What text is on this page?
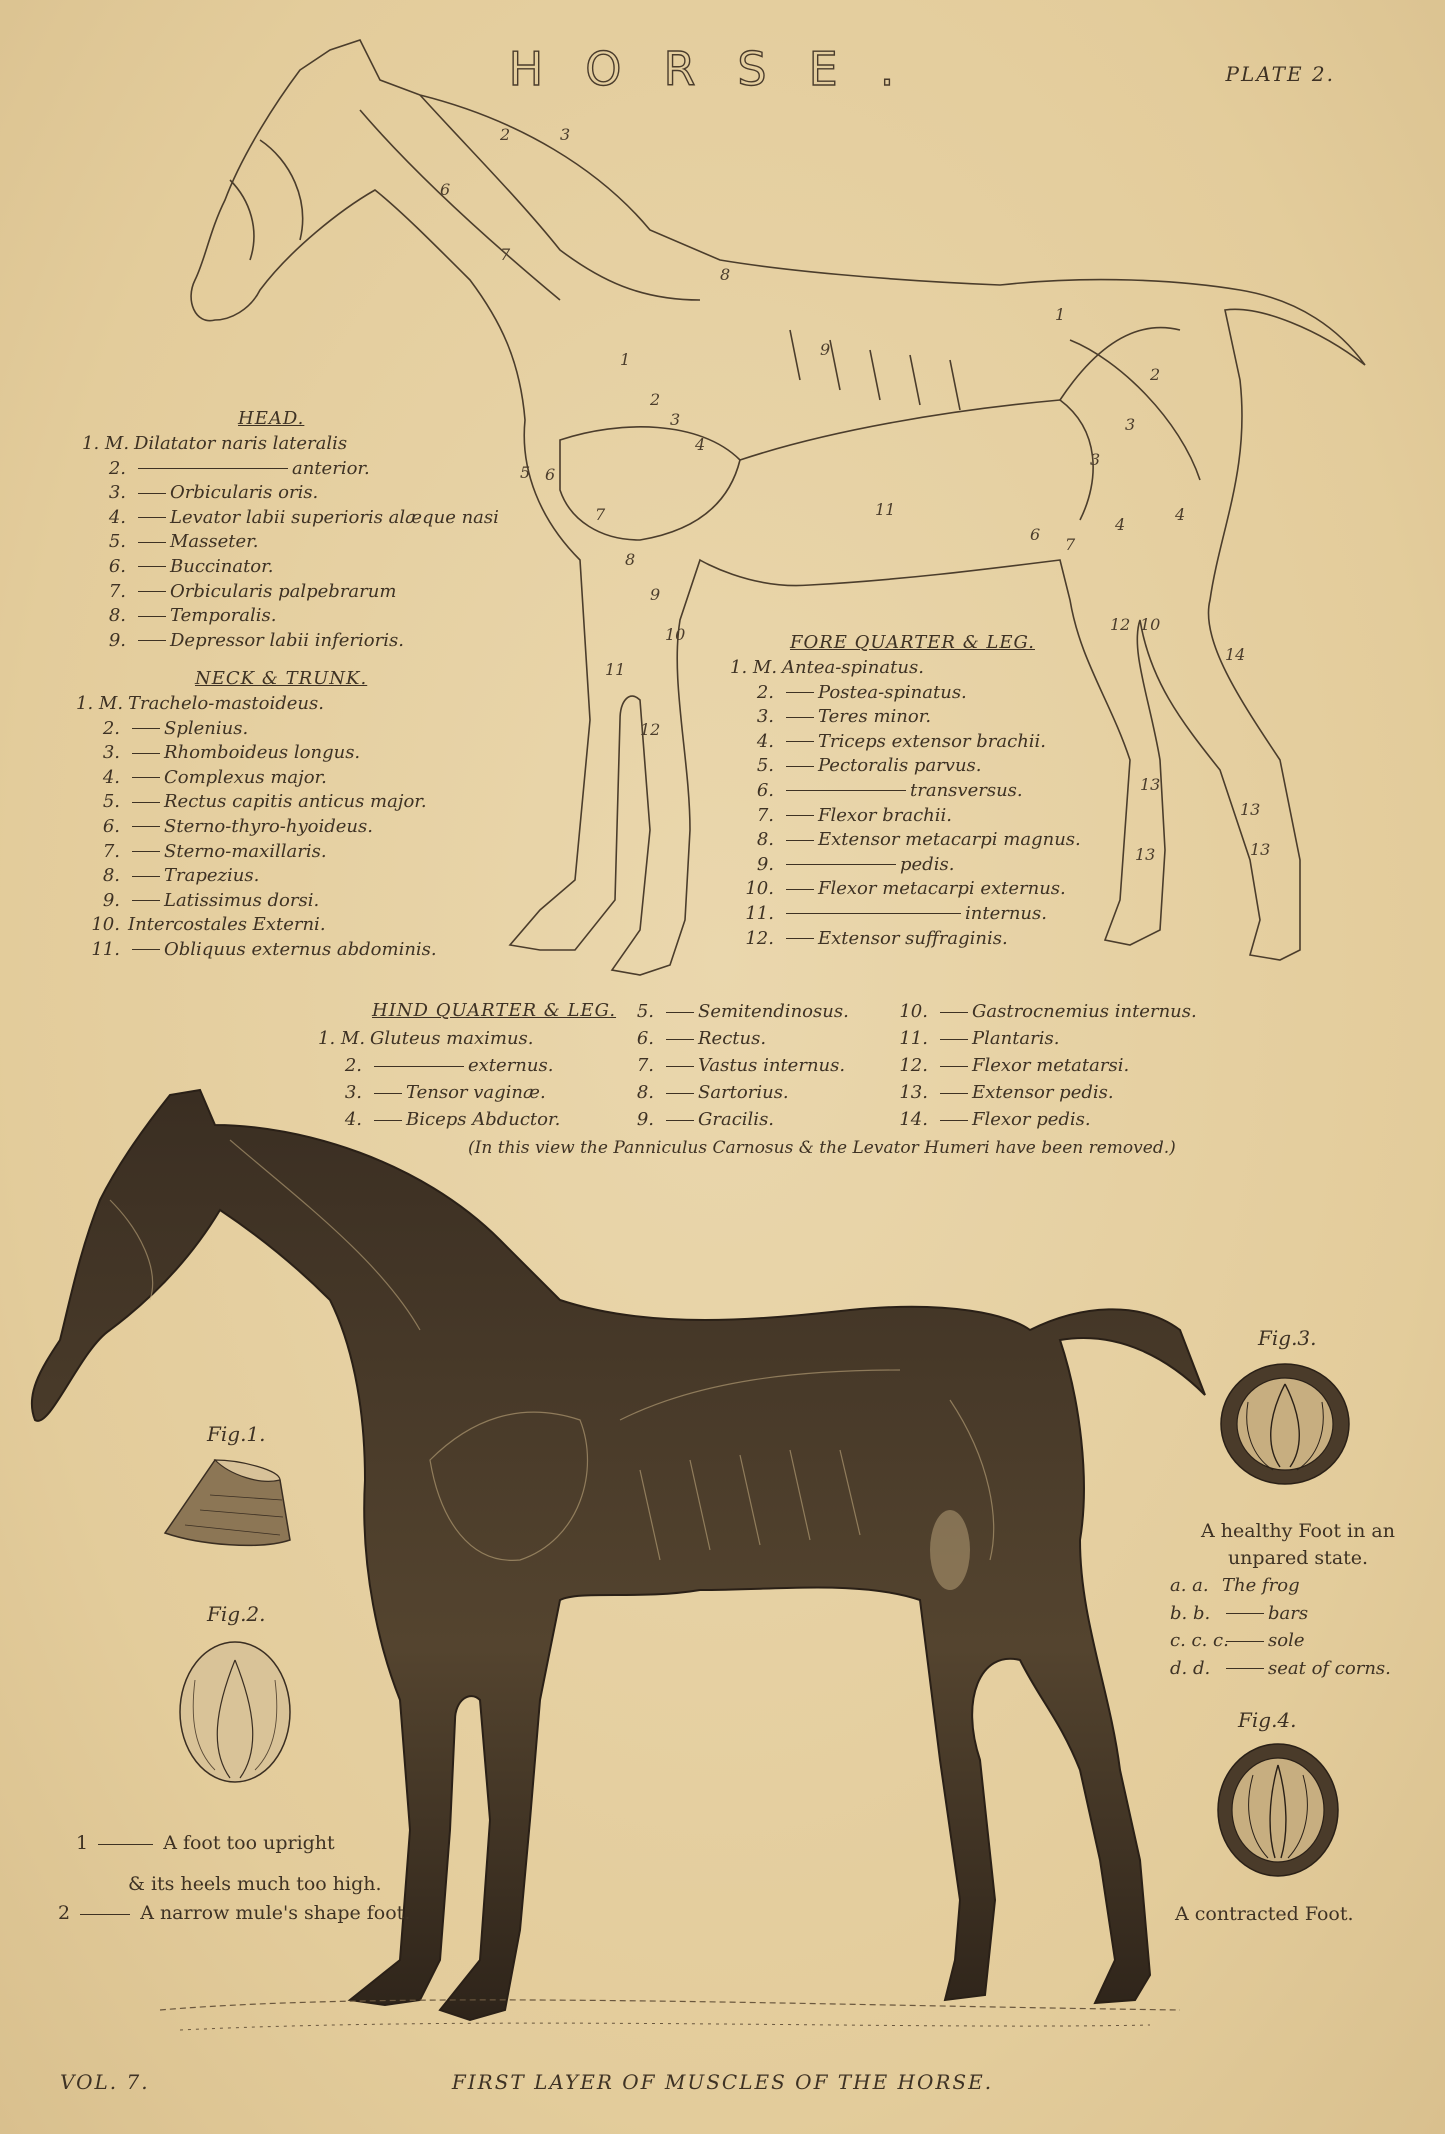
HORSE.	PLATE 2.
2	3
6
7
8
9
1
2
3
4
11
1
2
3
3
4
4
6
7
12 10
14
13
13
13	13
8
9
10
11
12
7
5 6
HEAD.
1. M. Dilatator naris lateralis
2.	anterior.
3. Orbicularis oris.
4. Levator labii superioris alæque nasi
5. Masseter.
6. Buccinator.
7. Orbicularis palpebrarum
8. Temporalis.
9. Depressor labii inferioris.
NECK & TRUNK.
1. M. Trachelo-mastoideus.
2. Splenius.
3. Rhomboideus longus.
4. Complexus major.
5. Rectus capitis anticus major.
6. Sterno-thyro-hyoideus.
7. Sterno-maxillaris.
8. Trapezius.
9. Latissimus dorsi.
10. Intercostales Externi.
11. Obliquus externus abdominis.
FORE QUARTER & LEG.
1. M. Antea-spinatus.
2. Postea-spinatus.
3. Teres minor.
4. Triceps extensor brachii.
5. Pectoralis parvus.
6.	transversus.
7. Flexor brachii.
8. Extensor metacarpi magnus.
9.	pedis.
10. Flexor metacarpi externus.
11.	internus.
12. Extensor suffraginis.
HIND QUARTER & LEG.
1. M. Gluteus maximus.
2.	externus.
3. Tensor vaginæ.
4. Biceps Abductor.
5. Semitendinosus.
6. Rectus.
7. Vastus internus.
8. Sartorius.
9. Gracilis.
10. Gastrocnemius internus.
11. Plantaris.
12. Flexor metatarsi.
13. Extensor pedis.
14. Flexor pedis.
(In this view the Panniculus Carnosus & the Levator Humeri have been removed.)
Fig.1.
Fig.2.
1	A foot too upright
& its heels much too high.
2	A narrow mule's shape foot.
Fig.3.
A healthy Foot in an
unpared state.
a. a. The frog
b. b.	bars
c. c. c. sole
d. d.	seat of corns.
Fig.4.
A contracted Foot.
VOL. 7.	FIRST LAYER OF MUSCLES OF THE HORSE.
